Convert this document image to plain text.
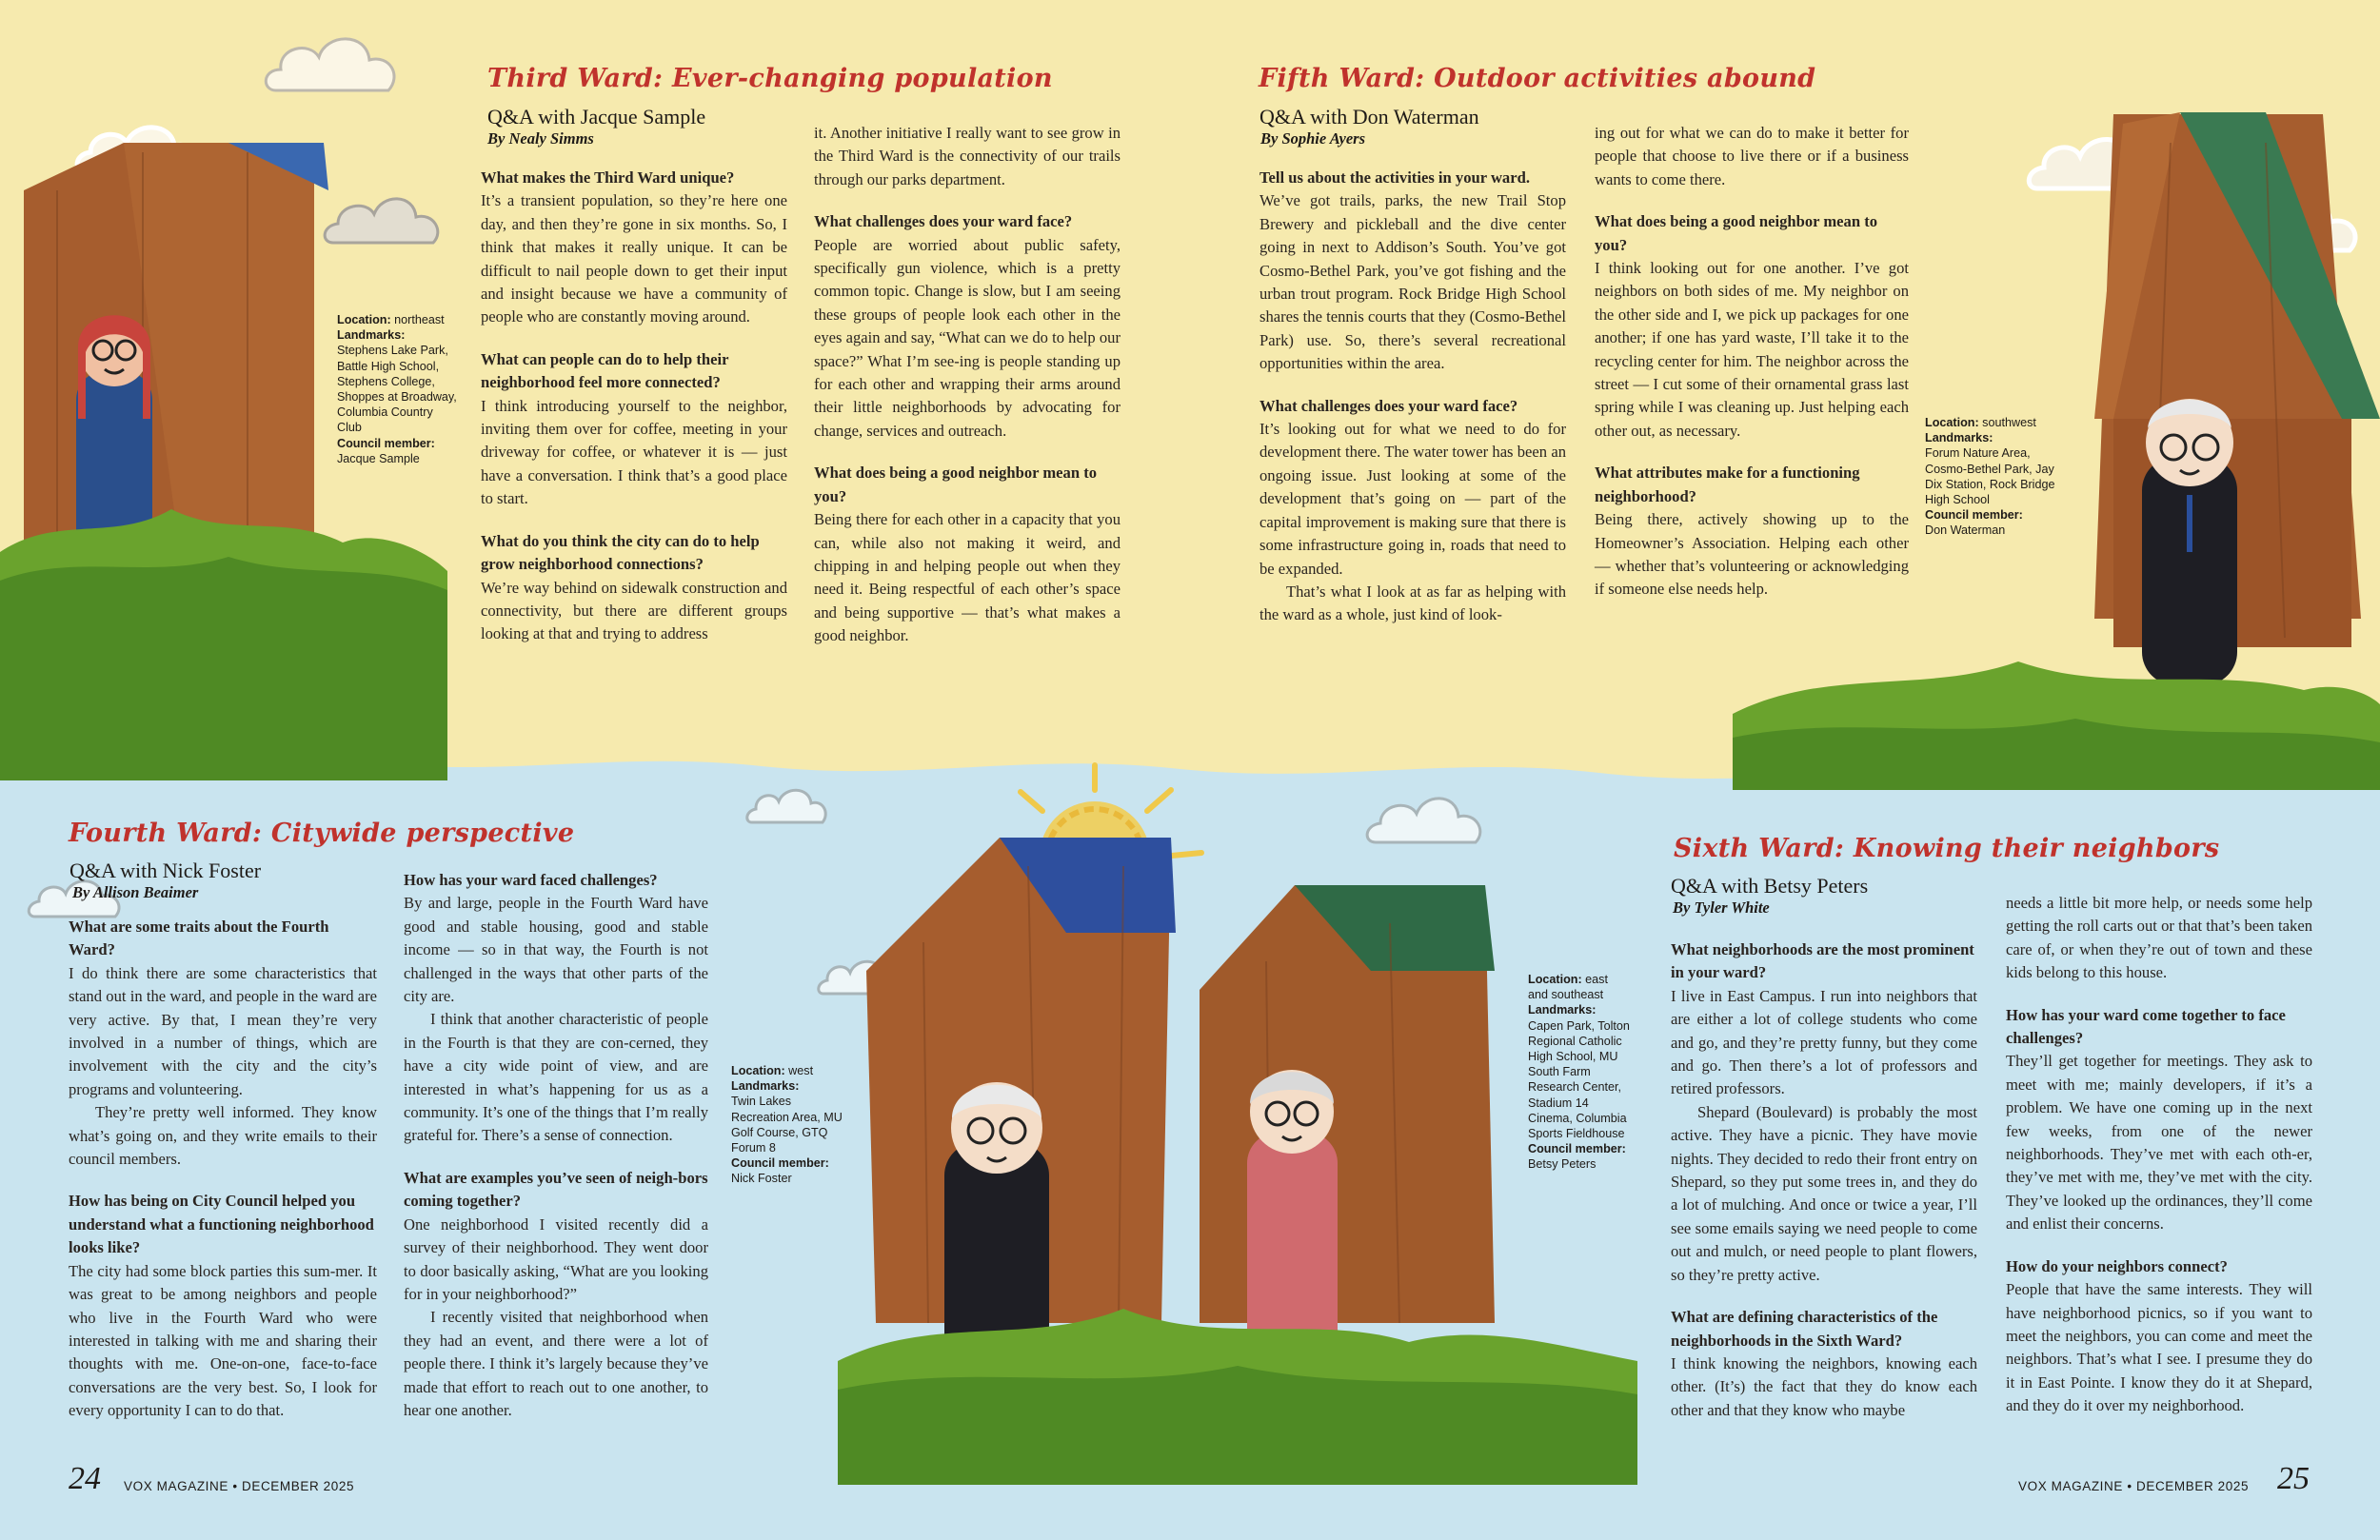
Third Ward: Ever-changing population
Q&A with Jacque Sample
By Nealy Simms
What makes the Third Ward unique?
It’s a transient population, so they’re here one day, and then they’re gone in six months. So, I think that makes it really unique. It can be difficult to nail people down to get their input and insight because we have a community of people who are constantly moving around.
What can people can do to help their neighborhood feel more connected?
I think introducing yourself to the neighbor, inviting them over for coffee, meeting in your driveway for coffee, or whatever it is — just have a conversation. I think that’s a good place to start.
What do you think the city can do to help grow neighborhood connections?
We’re way behind on sidewalk construction and connectivity, but there are different groups looking at that and trying to address
it. Another initiative I really want to see grow in the Third Ward is the connectivity of our trails through our parks department.
What challenges does your ward face?
People are worried about public safety, specifically gun violence, which is a pretty common topic. Change is slow, but I am seeing these groups of people look each other in the eyes again and say, “What can we do to help our space?” What I’m see-ing is people standing up for each other and wrapping their arms around their little neighborhoods by advocating for change, services and outreach.
What does being a good neighbor mean to you?
Being there for each other in a capacity that you can, while also not making it weird, and chipping in and helping people out when they need it. Being respectful of each other’s space and being supportive — that’s what makes a good neighbor.
Location: northeast
Landmarks:
Stephens Lake Park, Battle High School, Stephens College, Shoppes at Broadway, Columbia Country Club
Council member:
Jacque Sample
Fifth Ward: Outdoor activities abound
Q&A with Don Waterman
By Sophie Ayers
Tell us about the activities in your ward.
We’ve got trails, parks, the new Trail Stop Brewery and pickleball and the dive center going in next to Addison’s South. You’ve got Cosmo-Bethel Park, you’ve got fishing and the urban trout program. Rock Bridge High School shares the tennis courts that they (Cosmo-Bethel Park) use. So, there’s several recreational opportunities within the area.
What challenges does your ward face?
It’s looking out for what we need to do for development there. The water tower has been an ongoing issue. Just looking at some of the development that’s going on — part of the capital improvement is making sure that there is some infrastructure going in, roads that need to be expanded.
That’s what I look at as far as helping with the ward as a whole, just kind of look-
ing out for what we can do to make it better for people that choose to live there or if a business wants to come there.
What does being a good neighbor mean to you?
I think looking out for one another. I’ve got neighbors on both sides of me. My neighbor on the other side and I, we pick up packages for one another; if one has yard waste, I’ll take it to the recycling center for him. The neighbor across the street — I cut some of their ornamental grass last spring while I was cleaning up. Just helping each other out, as necessary.
What attributes make for a functioning neighborhood?
Being there, actively showing up to the Homeowner’s Association. Helping each other — whether that’s volunteering or acknowledging if someone else needs help.
Location: southwest
Landmarks:
Forum Nature Area, Cosmo-Bethel Park, Jay Dix Station, Rock Bridge High School
Council member:
Don Waterman
Fourth Ward: Citywide perspective
Q&A with Nick Foster
By Allison Beaimer
What are some traits about the Fourth Ward?
I do think there are some characteristics that stand out in the ward, and people in the ward are very active. By that, I mean they’re very involved in a number of things, which are involvement with the city and the city’s programs and volunteering.
They’re pretty well informed. They know what’s going on, and they write emails to their council members.
How has being on City Council helped you understand what a functioning neighborhood looks like?
The city had some block parties this sum-mer. It was great to be among neighbors and people who live in the Fourth Ward who were interested in talking with me and sharing their thoughts with me. One-on-one, face-to-face conversations are the very best. So, I look for every opportunity I can to do that.
How has your ward faced challenges?
By and large, people in the Fourth Ward have good and stable housing, good and stable income — so in that way, the Fourth is not challenged in the ways that other parts of the city are.
I think that another characteristic of people in the Fourth is that they are con-cerned, they have a city wide point of view, and are interested in what’s happening for us as a community. It’s one of the things that I’m really grateful for. There’s a sense of connection.
What are examples you’ve seen of neigh-bors coming together?
One neighborhood I visited recently did a survey of their neighborhood. They went door to door basically asking, “What are you looking for in your neighborhood?”
I recently visited that neighborhood when they had an event, and there were a lot of people there. I think it’s largely because they’ve made that effort to reach out to one another, to hear one another.
Location: west
Landmarks:
Twin Lakes Recreation Area, MU Golf Course, GTQ Forum 8
Council member:
Nick Foster
Sixth Ward: Knowing their neighbors
Q&A with Betsy Peters
By Tyler White
What neighborhoods are the most prominent in your ward?
I live in East Campus. I run into neighbors that are either a lot of college students who come and go, and they’re pretty funny, but they come and go. Then there’s a lot of professors and retired professors.
Shepard (Boulevard) is probably the most active. They have a picnic. They have movie nights. They decided to redo their front entry on Shepard, so they put some trees in, and they do a lot of mulching. And once or twice a year, I’ll see some emails saying we need people to come out and mulch, or need people to plant flowers, so they’re pretty active.
What are defining characteristics of the neighborhoods in the Sixth Ward?
I think knowing the neighbors, knowing each other. (It’s) the fact that they do know each other and that they know who maybe
needs a little bit more help, or needs some help getting the roll carts out or that that’s been taken care of, or when they’re out of town and these kids belong to this house.
How has your ward come together to face challenges?
They’ll get together for meetings. They ask to meet with me; mainly developers, if it’s a problem. We have one coming up in the next few weeks, from one of the newer neighborhoods. They’ve met with each oth-er, they’ve met with me, they’ve met with the city. They’ve looked up the ordinances, they’ll come and enlist their concerns.
How do your neighbors connect?
People that have the same interests. They will have neighborhood picnics, so if you want to meet the neighbors, you can come and meet the neighbors. That’s what I see. I presume they do it in East Pointe. I know they do it at Shepard, and they do it over my neighborhood.
Location: east and southeast
Landmarks:
Capen Park, Tolton Regional Catholic High School, MU South Farm Research Center, Stadium 14 Cinema, Columbia Sports Fieldhouse
Council member:
Betsy Peters
24 VOX MAGAZINE • DECEMBER 2025	VOX MAGAZINE • DECEMBER 2025 25
